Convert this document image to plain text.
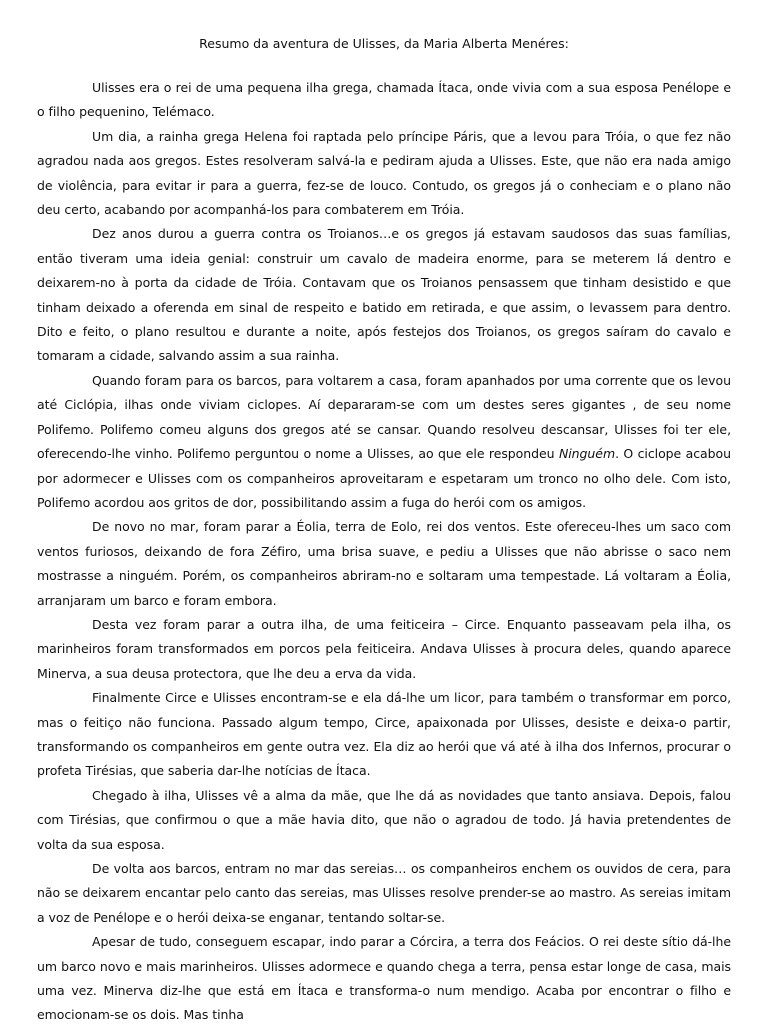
Resumo da aventura de Ulisses, da Maria Alberta Menéres:

Ulisses era o rei de uma pequena ilha grega, chamada Ítaca, onde vivia com a sua esposa Penélope e o filho pequenino, Telémaco.

Um dia, a rainha grega Helena foi raptada pelo príncipe Páris, que a levou para Tróia, o que fez não agradou nada aos gregos. Estes resolveram salvá-la e pediram ajuda a Ulisses. Este, que não era nada amigo de violência, para evitar ir para a guerra, fez-se de louco. Contudo, os gregos já o conheciam e o plano não deu certo, acabando por acompanhá-los para combaterem em Tróia.

Dez anos durou a guerra contra os Troianos…e os gregos já estavam saudosos das suas famílias, então tiveram uma ideia genial: construir um cavalo de madeira enorme, para se meterem lá dentro e deixarem-no à porta da cidade de Tróia. Contavam que os Troianos pensassem que tinham desistido e que tinham deixado a oferenda em sinal de respeito e batido em retirada, e que assim, o levassem para dentro. Dito e feito, o plano resultou e durante a noite, após festejos dos Troianos, os gregos saíram do cavalo e tomaram a cidade, salvando assim a sua rainha.

Quando foram para os barcos, para voltarem a casa, foram apanhados por uma corrente que os levou até Ciclópia, ilhas onde viviam ciclopes. Aí depararam-se com um destes seres gigantes , de seu nome Polifemo. Polifemo comeu alguns dos gregos até se cansar. Quando resolveu descansar, Ulisses foi ter ele, oferecendo-lhe vinho. Polifemo perguntou o nome a Ulisses, ao que ele respondeu Ninguém. O ciclope acabou por adormecer e Ulisses com os companheiros aproveitaram e espetaram um tronco no olho dele. Com isto, Polifemo acordou aos gritos de dor, possibilitando assim a fuga do herói com os amigos.

De novo no mar, foram parar a Éolia, terra de Eolo, rei dos ventos. Este ofereceu-lhes um saco com ventos furiosos, deixando de fora Zéfiro, uma brisa suave, e pediu a Ulisses que não abrisse o saco nem mostrasse a ninguém. Porém, os companheiros abriram-no e soltaram uma tempestade. Lá voltaram a Éolia, arranjaram um barco e foram embora.

Desta vez foram parar a outra ilha, de uma feiticeira – Circe. Enquanto passeavam pela ilha, os marinheiros foram transformados em porcos pela feiticeira. Andava Ulisses à procura deles, quando aparece Minerva, a sua deusa protectora, que lhe deu a erva da vida.

Finalmente Circe e Ulisses encontram-se e ela dá-lhe um licor, para também o transformar em porco, mas o feitiço não funciona. Passado algum tempo, Circe, apaixonada por Ulisses, desiste e deixa-o partir, transformando os companheiros em gente outra vez. Ela diz ao herói que vá até à ilha dos Infernos, procurar o profeta Tirésias, que saberia dar-lhe notícias de Ítaca.

Chegado à ilha, Ulisses vê a alma da mãe, que lhe dá as novidades que tanto ansiava. Depois, falou com Tirésias, que confirmou o que a mãe havia dito, que não o agradou de todo. Já havia pretendentes de volta da sua esposa.

De volta aos barcos, entram no mar das sereias… os companheiros enchem os ouvidos de cera, para não se deixarem encantar pelo canto das sereias, mas Ulisses resolve prender-se ao mastro. As sereias imitam a voz de Penélope e o herói deixa-se enganar, tentando soltar-se.

Apesar de tudo, conseguem escapar, indo parar a Córcira, a terra dos Feácios. O rei deste sítio dá-lhe um barco novo e mais marinheiros. Ulisses adormece e quando chega a terra, pensa estar longe de casa, mais uma vez. Minerva diz-lhe que está em Ítaca e transforma-o num mendigo. Acaba por encontrar o filho e emocionam-se os dois. Mas tinha
